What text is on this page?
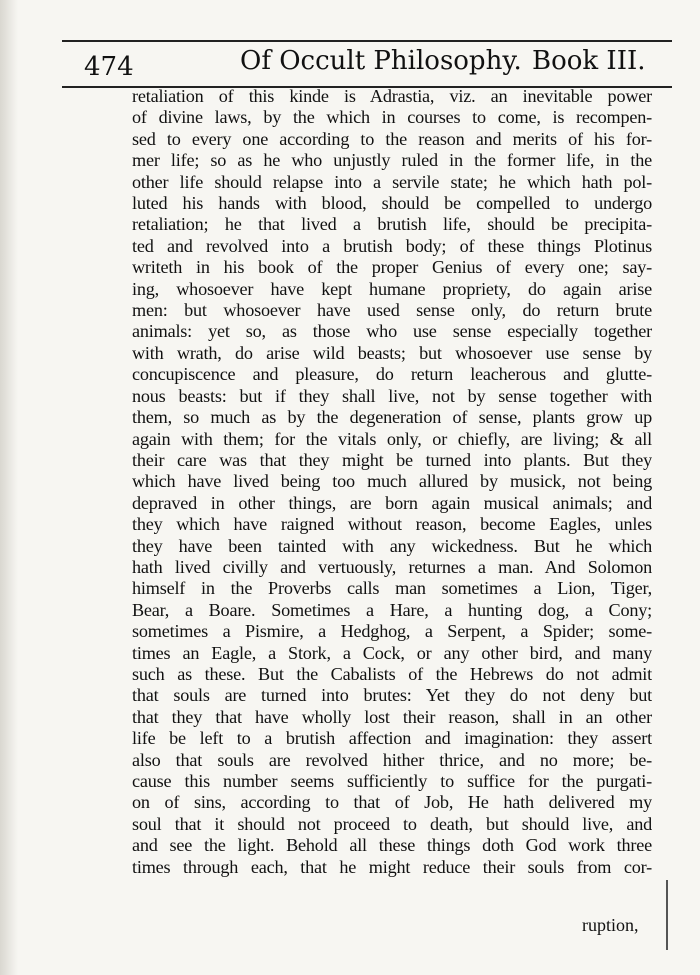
474	Of Occult Philosophy. Book III.
retaliation of this kinde is Adrastia, viz. an inevitable power
of divine laws, by the which in courses to come, is recompen-
sed to every one according to the reason and merits of his for-
mer life; so as he who unjustly ruled in the former life, in the
other life should relapse into a servile state; he which hath pol-
luted his hands with blood, should be compelled to undergo
retaliation; he that lived a brutish life, should be precipita-
ted and revolved into a brutish body; of these things Plotinus
writeth in his book of the proper Genius of every one; say-
ing, whosoever have kept humane propriety, do again arise
men: but whosoever have used sense only, do return brute
animals: yet so, as those who use sense especially together
with wrath, do arise wild beasts; but whosoever use sense by
concupiscence and pleasure, do return leacherous and glutte-
nous beasts: but if they shall live, not by sense together with
them, so much as by the degeneration of sense, plants grow up
again with them; for the vitals only, or chiefly, are living; & all
their care was that they might be turned into plants. But they
which have lived being too much allured by musick, not being
depraved in other things, are born again musical animals; and
they which have raigned without reason, become Eagles, unles
they have been tainted with any wickedness. But he which
hath lived civilly and vertuously, returnes a man. And Solomon
himself in the Proverbs calls man sometimes a Lion, Tiger,
Bear, a Boare. Sometimes a Hare, a hunting dog, a Cony;
sometimes a Pismire, a Hedghog, a Serpent, a Spider; some-
times an Eagle, a Stork, a Cock, or any other bird, and many
such as these. But the Cabalists of the Hebrews do not admit
that souls are turned into brutes: Yet they do not deny but
that they that have wholly lost their reason, shall in an other
life be left to a brutish affection and imagination: they assert
also that souls are revolved hither thrice, and no more; be-
cause this number seems sufficiently to suffice for the purgati-
on of sins, according to that of Job, He hath delivered my
soul that it should not proceed to death, but should live, and
and see the light. Behold all these things doth God work three
times through each, that he might reduce their souls from cor-
ruption,
